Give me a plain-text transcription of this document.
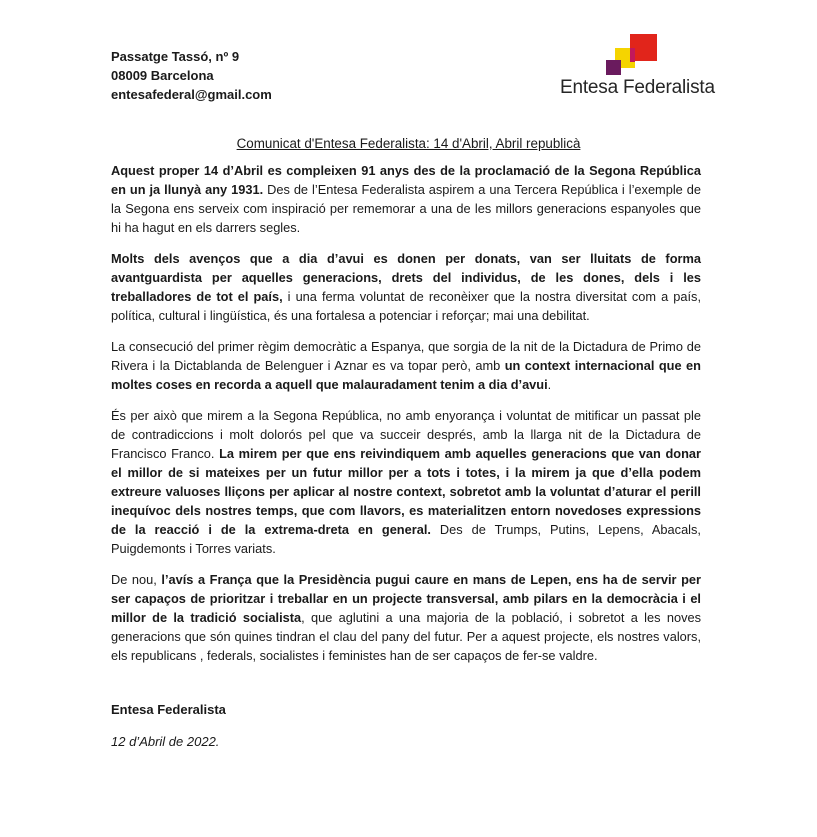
Passatge Tassó, nº 9
08009 Barcelona
entesafederal@gmail.com	Entesa Federalista
Comunicat d'Entesa Federalista: 14 d'Abril, Abril republicà

Aquest proper 14 d’Abril es compleixen 91 anys des de la proclamació de la Segona República en un ja llunyà any 1931. Des de l’Entesa Federalista aspirem a una Tercera República i l’exemple de la Segona ens serveix com inspiració per rememorar a una de les millors generacions espanyoles que hi ha hagut en els darrers segles.

Molts dels avenços que a dia d’avui es donen per donats, van ser lluitats de forma avantguardista per aquelles generacions, drets del individus, de les dones, dels i les treballadores de tot el país, i una ferma voluntat de reconèixer que la nostra diversitat com a país, política, cultural i lingüística, és una fortalesa a potenciar i reforçar; mai una debilitat.

La consecució del primer règim democràtic a Espanya, que sorgia de la nit de la Dictadura de Primo de Rivera i la Dictablanda de Belenguer i Aznar es va topar però, amb un context internacional que en moltes coses en recorda a aquell que malauradament tenim a dia d’avui.

És per això que mirem a la Segona República, no amb enyorança i voluntat de mitificar un passat ple de contradiccions i molt dolorós pel que va succeir després, amb la llarga nit de la Dictadura de Francisco Franco. La mirem per que ens reivindiquem amb aquelles generacions que van donar el millor de si mateixes per un futur millor per a tots i totes, i la mirem ja que d’ella podem extreure valuoses lliçons per aplicar al nostre context, sobretot amb la voluntat d’aturar el perill inequívoc dels nostres temps, que com llavors, es materialitzen entorn novedoses expressions de la reacció i de la extrema-dreta en general. Des de Trumps, Putins, Lepens, Abacals, Puigdemonts i Torres variats.

De nou, l’avís a França que la Presidència pugui caure en mans de Lepen, ens ha de servir per ser capaços de prioritzar i treballar en un projecte transversal, amb pilars en la democràcia i el millor de la tradició socialista, que aglutini a una majoria de la població, i sobretot a les noves generacions que són quines tindran el clau del pany del futur. Per a aquest projecte, els nostres valors, els republicans , federals, socialistes i feministes han de ser capaços de fer-se valdre.

Entesa Federalista
12 d’Abril de 2022.
